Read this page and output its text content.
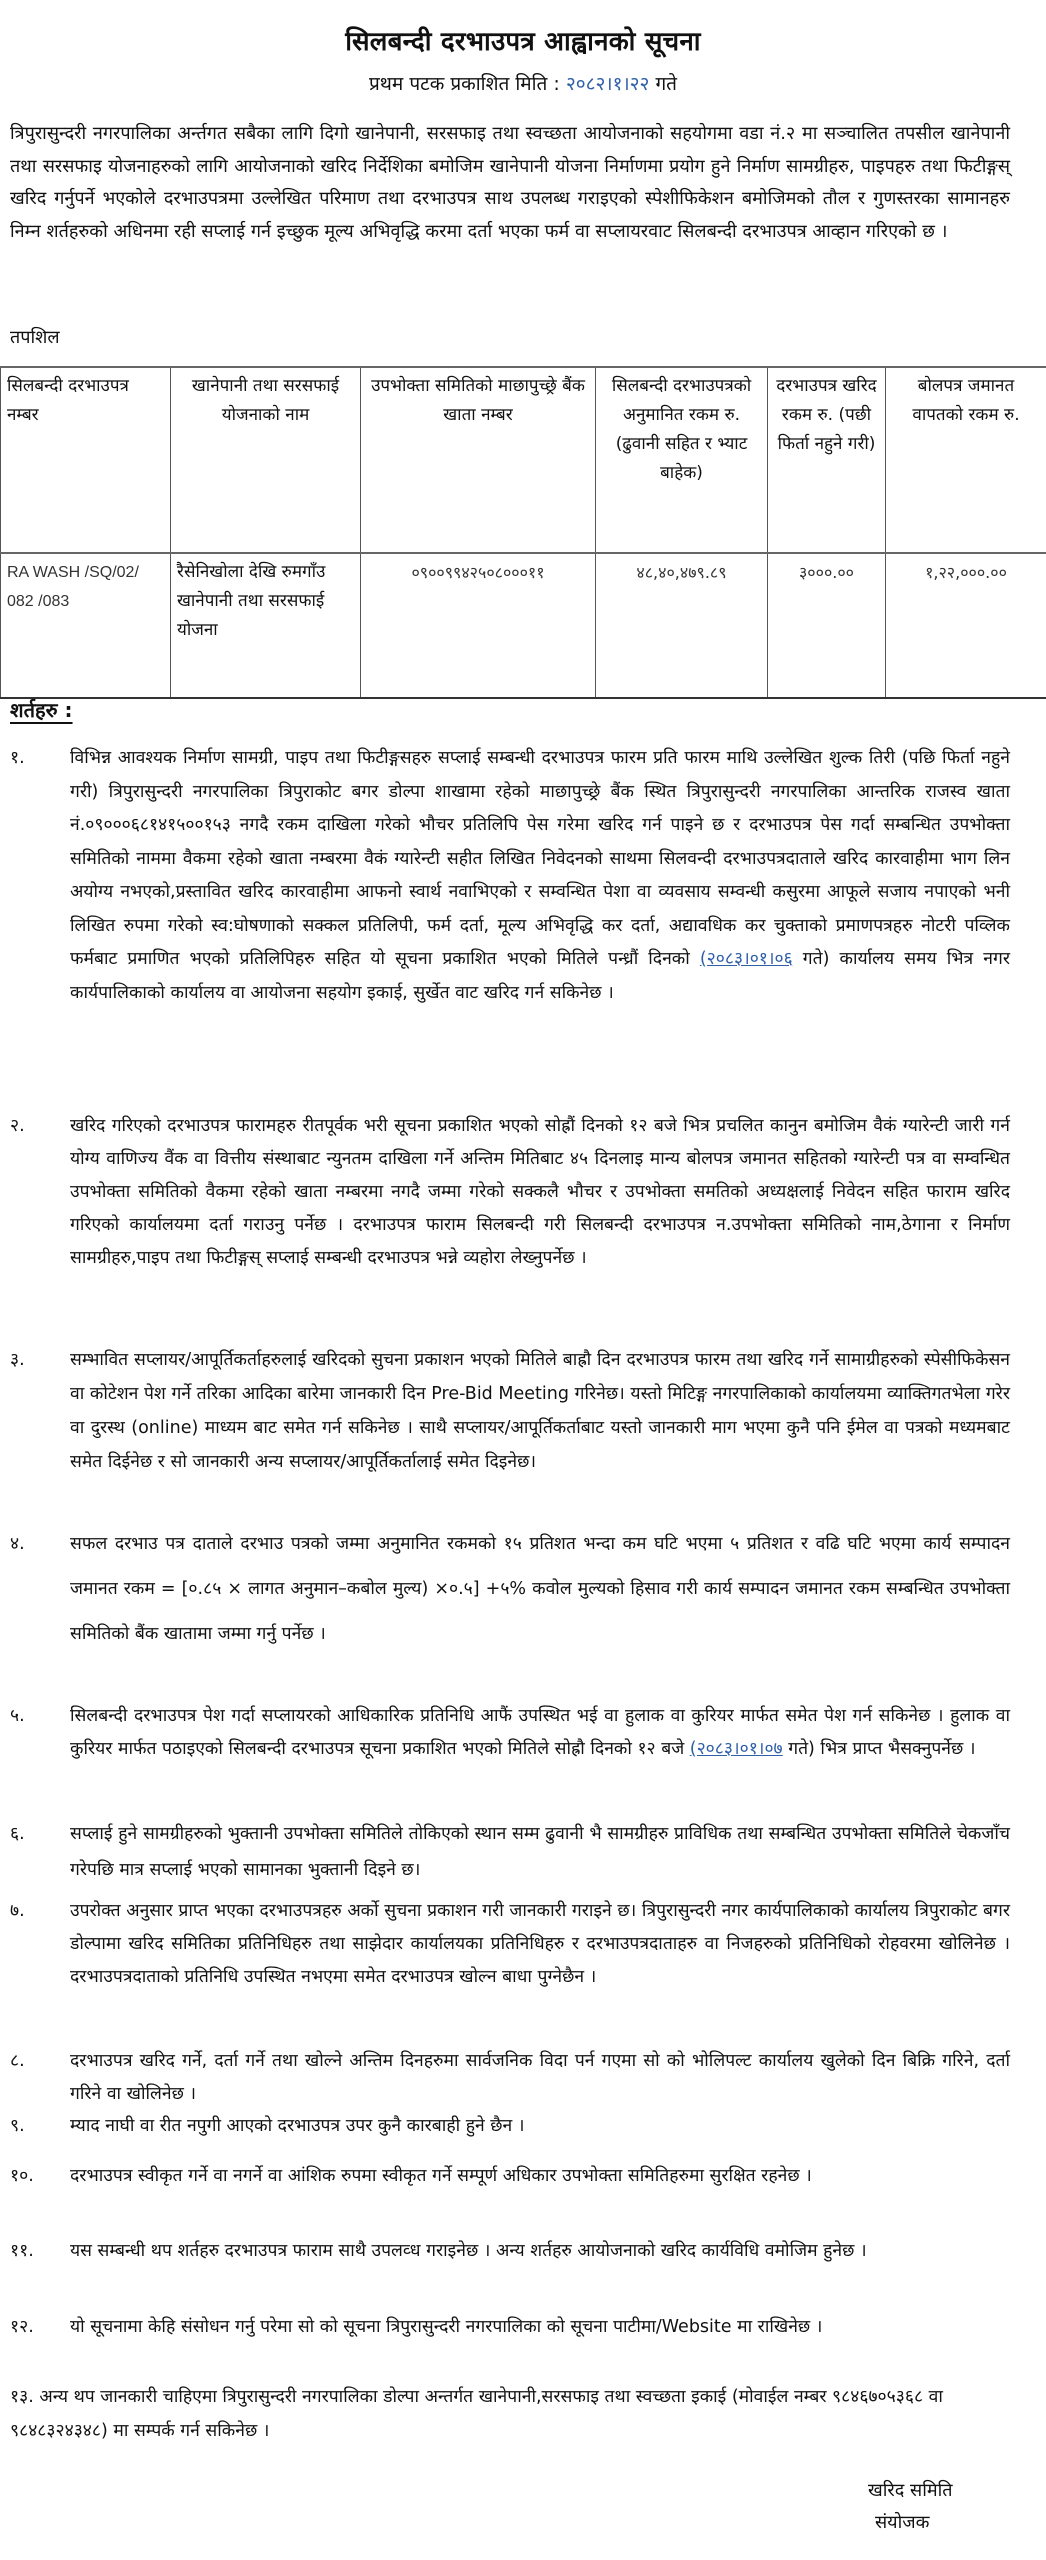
सिलबन्दी दरभाउपत्र आह्वानको सूचना
प्रथम पटक प्रकाशित मिति : २०८२।१।२२ गते
त्रिपुरासुन्दरी नगरपालिका अर्न्तगत सबैका लागि दिगो खानेपानी, सरसफाइ तथा स्वच्छता आयोजनाको सहयोगमा वडा नं.२ मा सञ्चालित तपसील खानेपानी तथा सरसफाइ योजनाहरुको लागि आयोजनाको खरिद निर्देशिका बमोजिम खानेपानी योजना निर्माणमा प्रयोग हुने निर्माण सामग्रीहरु, पाइपहरु तथा फिटीङ्गस् खरिद गर्नुपर्ने भएकोले दरभाउपत्रमा उल्लेखित परिमाण तथा दरभाउपत्र साथ उपलब्ध गराइएको स्पेशीफिकेशन बमोजिमको तौल र गुणस्तरका सामानहरु निम्न शर्तहरुको अधिनमा रही सप्लाई गर्न इच्छुक मूल्य अभिवृद्धि करमा दर्ता भएका फर्म वा सप्लायरवाट सिलबन्दी दरभाउपत्र आव्हान गरिएको छ ।
तपशिल
सिलबन्दी दरभाउपत्र नम्बर	खानेपानी तथा सरसफाई योजनाको नाम	उपभोक्ता समितिको माछापुच्छ्रे बैंक खाता नम्बर	सिलबन्दी दरभाउपत्रको अनुमानित रकम रु.(ढुवानी सहित र भ्याट बाहेक)	दरभाउपत्र खरिद रकम रु. (पछी फिर्ता नहुने गरी)	बोलपत्र जमानत वापतको रकम रु.
RA WASH /SQ/02/ 082 /083	रैसेनिखोला देखि रुमगाँउ खानेपानी तथा सरसफाई योजना	०९००९९४२५०८०००११	४८,४०,४७९.८९	३०००.००	१,२२,०००.००
शर्तहरु :
१.	विभिन्न आवश्यक निर्माण सामग्री, पाइप तथा फिटीङ्गसहरु सप्लाई सम्बन्धी दरभाउपत्र फारम प्रति फारम माथि उल्लेखित शुल्क तिरी (पछि फिर्ता नहुने गरी) त्रिपुरासुन्दरी नगरपालिका त्रिपुराकोट बगर डोल्पा शाखामा रहेको माछापुच्छ्रे बैंक स्थित त्रिपुरासुन्दरी नगरपालिका आन्तरिक राजस्व खाता नं.०९०००६८१४१५००१५३ नगदै रकम दाखिला गरेको भौचर प्रतिलिपि पेस गरेमा खरिद गर्न पाइने छ र दरभाउपत्र पेस गर्दा सम्बन्धित उपभोक्ता समितिको नाममा वैकमा रहेको खाता नम्बरमा वैकं ग्यारेन्टी सहीत लिखित निवेदनको साथमा सिलवन्दी दरभाउपत्रदाताले खरिद कारवाहीमा भाग लिन अयोग्य नभएको,प्रस्तावित खरिद कारवाहीमा आफनो स्वार्थ नवाभिएको र सम्वन्धित पेशा वा व्यवसाय सम्वन्धी कसुरमा आफूले सजाय नपाएको भनी लिखित रुपमा गरेको स्व:घोषणाको सक्कल प्रतिलिपी, फर्म दर्ता, मूल्य अभिवृद्धि कर दर्ता, अद्यावधिक कर चुक्ताको प्रमाणपत्रहरु नोटरी पव्लिक फर्मबाट प्रमाणित भएको प्रतिलिपिहरु सहित यो सूचना प्रकाशित भएको मितिले पन्ध्रौं दिनको (२०८३।०१।०६ गते) कार्यालय समय भित्र नगर कार्यपालिकाको कार्यालय वा आयोजना सहयोग इकाई, सुर्खेत वाट खरिद गर्न सकिनेछ ।
२.	खरिद गरिएको दरभाउपत्र फारामहरु रीतपूर्वक भरी सूचना प्रकाशित भएको सोह्रौं दिनको १२ बजे भित्र प्रचलित कानुन बमोजिम वैकं ग्यारेन्टी जारी गर्न योग्य वाणिज्य वैंक वा वित्तीय संस्थाबाट न्युनतम दाखिला गर्ने अन्तिम मितिबाट ४५ दिनलाइ मान्य बोलपत्र जमानत सहितको ग्यारेन्टी पत्र वा सम्वन्धित उपभोक्ता समितिको वैकमा रहेको खाता नम्बरमा नगदै जम्मा गरेको सक्कलै भौचर र उपभोक्ता समतिको अध्यक्षलाई निवेदन सहित फाराम खरिद गरिएको कार्यालयमा दर्ता गराउनु पर्नेछ । दरभाउपत्र फाराम सिलबन्दी गरी सिलबन्दी दरभाउपत्र न.उपभोक्ता समितिको नाम,ठेगाना र निर्माण सामग्रीहरु,पाइप तथा फिटीङ्गस् सप्लाई सम्बन्धी दरभाउपत्र भन्ने व्यहोरा लेख्नुपर्नेछ ।
३.	सम्भावित सप्लायर/आपूर्तिकर्ताहरुलाई खरिदको सुचना प्रकाशन भएको मितिले बाह्रौ दिन दरभाउपत्र फारम तथा खरिद गर्ने सामाग्रीहरुको स्पेसीफिकेसन वा कोटेशन पेश गर्ने तरिका आदिका बारेमा जानकारी दिन Pre-Bid Meeting गरिनेछ। यस्तो मिटिङ्ग नगरपालिकाको कार्यालयमा व्याक्तिगतभेला गरेर वा दुरस्थ (online) माध्यम बाट समेत गर्न सकिनेछ । साथै सप्लायर/आपूर्तिकर्ताबाट यस्तो जानकारी माग भएमा कुनै पनि ईमेल वा पत्रको मध्यमबाट समेत दिईनेछ र सो जानकारी अन्य सप्लायर/आपूर्तिकर्तालाई समेत दिइनेछ।
४.	सफल दरभाउ पत्र दाताले दरभाउ पत्रको जम्मा अनुमानित रकमको १५ प्रतिशत भन्दा कम घटि भएमा ५ प्रतिशत र वढि घटि भएमा कार्य सम्पादन जमानत रकम = [०.८५ × लागत अनुमान–कबोल मुल्य) ×०.५] +५% कवोल मुल्यको हिसाव गरी कार्य सम्पादन जमानत रकम सम्बन्धित उपभोक्ता समितिको बैंक खातामा जम्मा गर्नु पर्नेछ ।
५.	सिलबन्दी दरभाउपत्र पेश गर्दा सप्लायरको आधिकारिक प्रतिनिधि आफैं उपस्थित भई वा हुलाक वा कुरियर मार्फत समेत पेश गर्न सकिनेछ । हुलाक वा कुरियर मार्फत पठाइएको सिलबन्दी दरभाउपत्र सूचना प्रकाशित भएको मितिले सोह्रौ दिनको १२ बजे (२०८३।०१।०७ गते) भित्र प्राप्त भैसक्नुपर्नेछ ।
६.	सप्लाई हुने सामग्रीहरुको भुक्तानी उपभोक्ता समितिले तोकिएको स्थान सम्म ढुवानी भै सामग्रीहरु प्राविधिक तथा सम्बन्धित उपभोक्ता समितिले चेकजाँच गरेपछि मात्र सप्लाई भएको सामानका भुक्तानी दिइने छ।
७.	उपरोक्त अनुसार प्राप्त भएका दरभाउपत्रहरु अर्को सुचना प्रकाशन गरी जानकारी गराइने छ। त्रिपुरासुन्दरी नगर कार्यपालिकाको कार्यालय त्रिपुराकोट बगर डोल्पामा खरिद समितिका प्रतिनिधिहरु तथा साझेदार कार्यालयका प्रतिनिधिहरु र दरभाउपत्रदाताहरु वा निजहरुको प्रतिनिधिको रोहवरमा खोलिनेछ । दरभाउपत्रदाताको प्रतिनिधि उपस्थित नभएमा समेत दरभाउपत्र खोल्न बाधा पुग्नेछैन ।
८.	दरभाउपत्र खरिद गर्ने, दर्ता गर्ने तथा खोल्ने अन्तिम दिनहरुमा सार्वजनिक विदा पर्न गएमा सो को भोलिपल्ट कार्यालय खुलेको दिन बिक्रि गरिने, दर्ता गरिने वा खोलिनेछ ।
९.	म्याद नाघी वा रीत नपुगी आएको दरभाउपत्र उपर कुनै कारबाही हुने छैन ।
१०. दरभाउपत्र स्वीकृत गर्ने वा नगर्ने वा आंशिक रुपमा स्वीकृत गर्ने सम्पूर्ण अधिकार उपभोक्ता समितिहरुमा सुरक्षित रहनेछ ।
११. यस सम्बन्धी थप शर्तहरु दरभाउपत्र फाराम साथै उपलव्ध गराइनेछ । अन्य शर्तहरु आयोजनाको खरिद कार्यविधि वमोजिम हुनेछ ।
१२. यो सूचनामा केहि संसोधन गर्नु परेमा सो को सूचना त्रिपुरासुन्दरी नगरपालिका को सूचना पाटीमा/Website मा राखिनेछ ।
१३. अन्य थप जानकारी चाहिएमा त्रिपुरासुन्दरी नगरपालिका डोल्पा अन्तर्गत खानेपानी,सरसफाइ तथा स्वच्छता इकाई (मोवाईल नम्बर ९८४६७०५३६८ वा ९८४८३२४३४८) मा सम्पर्क गर्न सकिनेछ ।
खरिद समिति
संयोजक
